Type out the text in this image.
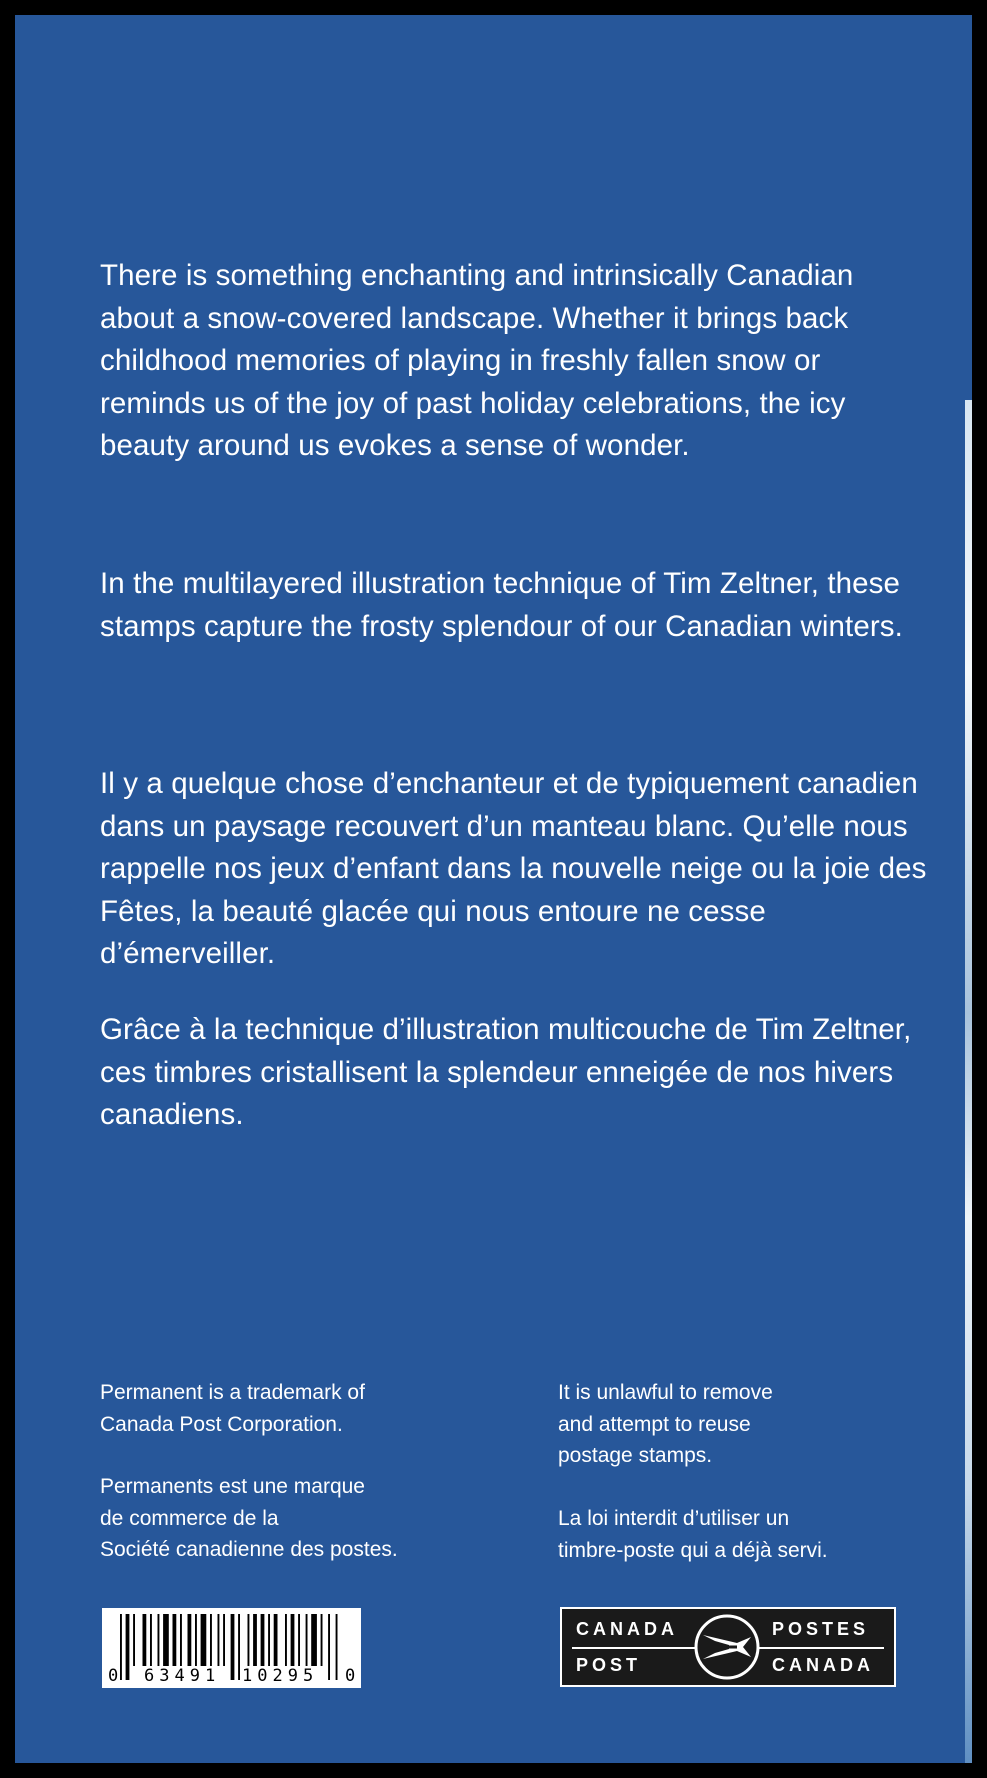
There is something enchanting and intrinsically Canadian about a snow-covered landscape. Whether it brings back childhood memories of playing in freshly fallen snow or reminds us of the joy of past holiday celebrations, the icy beauty around us evokes a sense of wonder.

In the multilayered illustration technique of Tim Zeltner, these stamps capture the frosty splendour of our Canadian winters.

Il y a quelque chose d’enchanteur et de typiquement canadien dans un paysage recouvert d’un manteau blanc. Qu’elle nous rappelle nos jeux d’enfant dans la nouvelle neige ou la joie des Fêtes, la beauté glacée qui nous entoure ne cesse d’émerveiller.

Grâce à la technique d’illustration multicouche de Tim Zeltner, ces timbres cristallisent la splendeur enneigée de nos hivers canadiens.

Permanent is a trademark of
Canada Post Corporation.

Permanents est une marque
de commerce de la
Société canadienne des postes.

It is unlawful to remove
and attempt to reuse
postage stamps.

La loi interdit d’utiliser un
timbre-poste qui a déjà servi.

0 63491 10295 0
CANADA
POST
POSTES
CANADA
